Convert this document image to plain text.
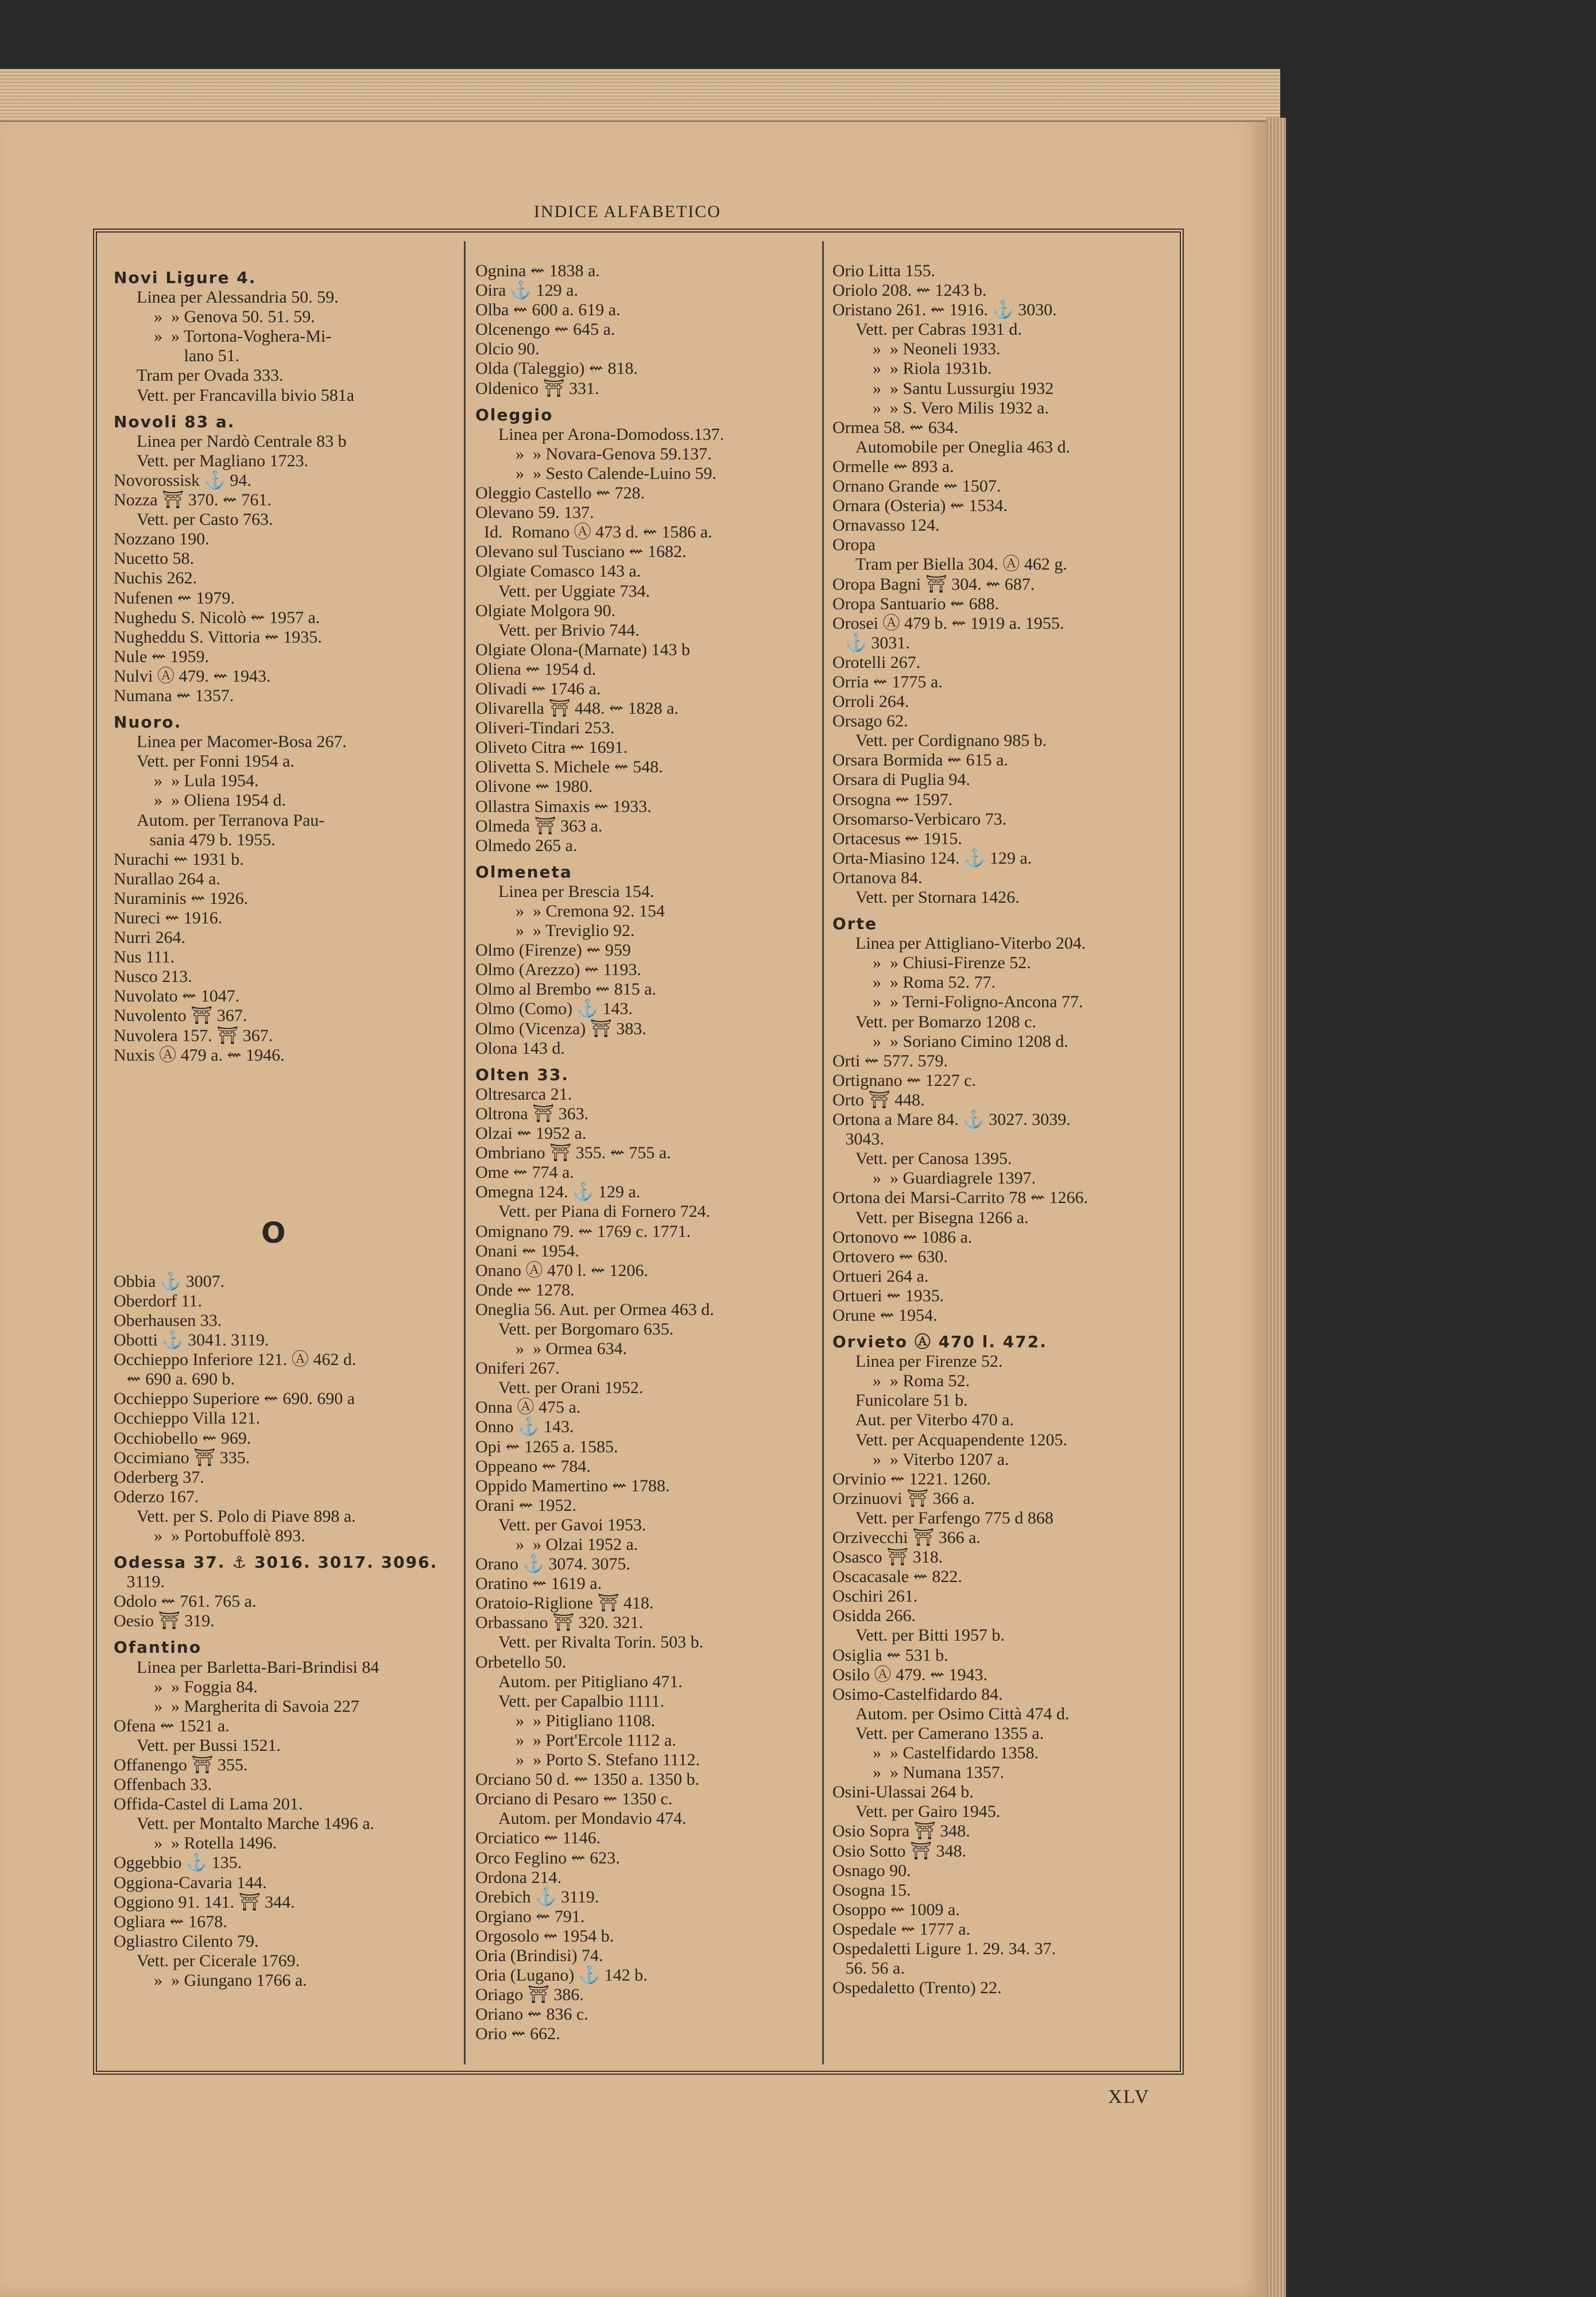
INDICE ALFABETICO
Novi Ligure 4.
Linea per Alessandria 50. 59.
»  » Genova 50. 51. 59.
»  » Tortona-Voghera-Mi-
lano 51.
Tram per Ovada 333.
Vett. per Francavilla bivio 581a
Novoli 83 a.
Linea per Nardò Centrale 83 b
Vett. per Magliano 1723.
Novorossisk ⚓ 94.
Nozza ⛩ 370. ⇜ 761.
Vett. per Casto 763.
Nozzano 190.
Nucetto 58.
Nuchis 262.
Nufenen ⇜ 1979.
Nughedu S. Nicolò ⇜ 1957 a.
Nugheddu S. Vittoria ⇜ 1935.
Nule ⇜ 1959.
Nulvi Ⓐ 479. ⇜ 1943.
Numana ⇜ 1357.
Nuoro.
Linea per Macomer-Bosa 267.
Vett. per Fonni 1954 a.
»  » Lula 1954.
»  » Oliena 1954 d.
Autom. per Terranova Pau-
sania 479 b. 1955.
Nurachi ⇜ 1931 b.
Nurallao 264 a.
Nuraminis ⇜ 1926.
Nureci ⇜ 1916.
Nurri 264.
Nus 111.
Nusco 213.
Nuvolato ⇜ 1047.
Nuvolento ⛩ 367.
Nuvolera 157. ⛩ 367.
Nuxis Ⓐ 479 a. ⇜ 1946.
Obbia ⚓ 3007.
Oberdorf 11.
Oberhausen 33.
Obotti ⚓ 3041. 3119.
Occhieppo Inferiore 121. Ⓐ 462 d.
⇜ 690 a. 690 b.
Occhieppo Superiore ⇜ 690. 690 a
Occhieppo Villa 121.
Occhiobello ⇜ 969.
Occimiano ⛩ 335.
Oderberg 37.
Oderzo 167.
Vett. per S. Polo di Piave 898 a.
»  » Portobuffolè 893.
Odessa 37. ⚓ 3016. 3017. 3096.
3119.
Odolo ⇜ 761. 765 a.
Oesio ⛩ 319.
Ofantino
Linea per Barletta-Bari-Brindisi 84
»  » Foggia 84.
»  » Margherita di Savoia 227
Ofena ⇜ 1521 a.
Vett. per Bussi 1521.
Offanengo ⛩ 355.
Offenbach 33.
Offida-Castel di Lama 201.
Vett. per Montalto Marche 1496 a.
»  » Rotella 1496.
Oggebbio ⚓ 135.
Oggiona-Cavaria 144.
Oggiono 91. 141. ⛩ 344.
Ogliara ⇜ 1678.
Ogliastro Cilento 79.
Vett. per Cicerale 1769.
»  » Giungano 1766 a.
Ognina ⇜ 1838 a.
Oira ⚓ 129 a.
Olba ⇜ 600 a. 619 a.
Olcenengo ⇜ 645 a.
Olcio 90.
Olda (Taleggio) ⇜ 818.
Oldenico ⛩ 331.
Oleggio
Linea per Arona-Domodoss.137.
»  » Novara-Genova 59.137.
»  » Sesto Calende-Luino 59.
Oleggio Castello ⇜ 728.
Olevano 59. 137.
Id.  Romano Ⓐ 473 d. ⇜ 1586 a.
Olevano sul Tusciano ⇜ 1682.
Olgiate Comasco 143 a.
Vett. per Uggiate 734.
Olgiate Molgora 90.
Vett. per Brivio 744.
Olgiate Olona-(Marnate) 143 b
Oliena ⇜ 1954 d.
Olivadi ⇜ 1746 a.
Olivarella ⛩ 448. ⇜ 1828 a.
Oliveri-Tindari 253.
Oliveto Citra ⇜ 1691.
Olivetta S. Michele ⇜ 548.
Olivone ⇜ 1980.
Ollastra Simaxis ⇜ 1933.
Olmeda ⛩ 363 a.
Olmedo 265 a.
Olmeneta
Linea per Brescia 154.
»  » Cremona 92. 154
»  » Treviglio 92.
Olmo (Firenze) ⇜ 959
Olmo (Arezzo) ⇜ 1193.
Olmo al Brembo ⇜ 815 a.
Olmo (Como) ⚓ 143.
Olmo (Vicenza) ⛩ 383.
Olona 143 d.
Olten 33.
Oltresarca 21.
Oltrona ⛩ 363.
Olzai ⇜ 1952 a.
Ombriano ⛩ 355. ⇜ 755 a.
Ome ⇜ 774 a.
Omegna 124. ⚓ 129 a.
Vett. per Piana di Fornero 724.
Omignano 79. ⇜ 1769 c. 1771.
Onani ⇜ 1954.
Onano Ⓐ 470 l. ⇜ 1206.
Onde ⇜ 1278.
Oneglia 56. Aut. per Ormea 463 d.
Vett. per Borgomaro 635.
»  » Ormea 634.
Oniferi 267.
Vett. per Orani 1952.
Onna Ⓐ 475 a.
Onno ⚓ 143.
Opi ⇜ 1265 a. 1585.
Oppeano ⇜ 784.
Oppido Mamertino ⇜ 1788.
Orani ⇜ 1952.
Vett. per Gavoi 1953.
»  » Olzai 1952 a.
Orano ⚓ 3074. 3075.
Oratino ⇜ 1619 a.
Oratoio-Riglione ⛩ 418.
Orbassano ⛩ 320. 321.
Vett. per Rivalta Torin. 503 b.
Orbetello 50.
Autom. per Pitigliano 471.
Vett. per Capalbio 1111.
»  » Pitigliano 1108.
»  » Port'Ercole 1112 a.
»  » Porto S. Stefano 1112.
Orciano 50 d. ⇜ 1350 a. 1350 b.
Orciano di Pesaro ⇜ 1350 c.
Autom. per Mondavio 474.
Orciatico ⇜ 1146.
Orco Feglino ⇜ 623.
Ordona 214.
Orebich ⚓ 3119.
Orgiano ⇜ 791.
Orgosolo ⇜ 1954 b.
Oria (Brindisi) 74.
Oria (Lugano) ⚓ 142 b.
Oriago ⛩ 386.
Oriano ⇜ 836 c.
Orio ⇜ 662.
Orio Litta 155.
Oriolo 208. ⇜ 1243 b.
Oristano 261. ⇜ 1916. ⚓ 3030.
Vett. per Cabras 1931 d.
»  » Neoneli 1933.
»  » Riola 1931b.
»  » Santu Lussurgiu 1932
»  » S. Vero Milis 1932 a.
Ormea 58. ⇜ 634.
Automobile per Oneglia 463 d.
Ormelle ⇜ 893 a.
Ornano Grande ⇜ 1507.
Ornara (Osteria) ⇜ 1534.
Ornavasso 124.
Oropa
Tram per Biella 304. Ⓐ 462 g.
Oropa Bagni ⛩ 304. ⇜ 687.
Oropa Santuario ⇜ 688.
Orosei Ⓐ 479 b. ⇜ 1919 a. 1955.
⚓ 3031.
Orotelli 267.
Orria ⇜ 1775 a.
Orroli 264.
Orsago 62.
Vett. per Cordignano 985 b.
Orsara Bormida ⇜ 615 a.
Orsara di Puglia 94.
Orsogna ⇜ 1597.
Orsomarso-Verbicaro 73.
Ortacesus ⇜ 1915.
Orta-Miasino 124. ⚓ 129 a.
Ortanova 84.
Vett. per Stornara 1426.
Orte
Linea per Attigliano-Viterbo 204.
»  » Chiusi-Firenze 52.
»  » Roma 52. 77.
»  » Terni-Foligno-Ancona 77.
Vett. per Bomarzo 1208 c.
»  » Soriano Cimino 1208 d.
Orti ⇜ 577. 579.
Ortignano ⇜ 1227 c.
Orto ⛩ 448.
Ortona a Mare 84. ⚓ 3027. 3039.
3043.
Vett. per Canosa 1395.
»  » Guardiagrele 1397.
Ortona dei Marsi-Carrito 78 ⇜ 1266.
Vett. per Bisegna 1266 a.
Ortonovo ⇜ 1086 a.
Ortovero ⇜ 630.
Ortueri 264 a.
Ortueri ⇜ 1935.
Orune ⇜ 1954.
Orvieto Ⓐ 470 l. 472.
Linea per Firenze 52.
»  » Roma 52.
Funicolare 51 b.
Aut. per Viterbo 470 a.
Vett. per Acquapendente 1205.
»  » Viterbo 1207 a.
Orvinio ⇜ 1221. 1260.
Orzinuovi ⛩ 366 a.
Vett. per Farfengo 775 d 868
Orzivecchi ⛩ 366 a.
Osasco ⛩ 318.
Oscacasale ⇜ 822.
Oschiri 261.
Osidda 266.
Vett. per Bitti 1957 b.
Osiglia ⇜ 531 b.
Osilo Ⓐ 479. ⇜ 1943.
Osimo-Castelfidardo 84.
Autom. per Osimo Città 474 d.
Vett. per Camerano 1355 a.
»  » Castelfidardo 1358.
»  » Numana 1357.
Osini-Ulassai 264 b.
Vett. per Gairo 1945.
Osio Sopra ⛩ 348.
Osio Sotto ⛩ 348.
Osnago 90.
Osogna 15.
Osoppo ⇜ 1009 a.
Ospedale ⇜ 1777 a.
Ospedaletti Ligure 1. 29. 34. 37.
56. 56 a.
Ospedaletto (Trento) 22.
O
XLV
